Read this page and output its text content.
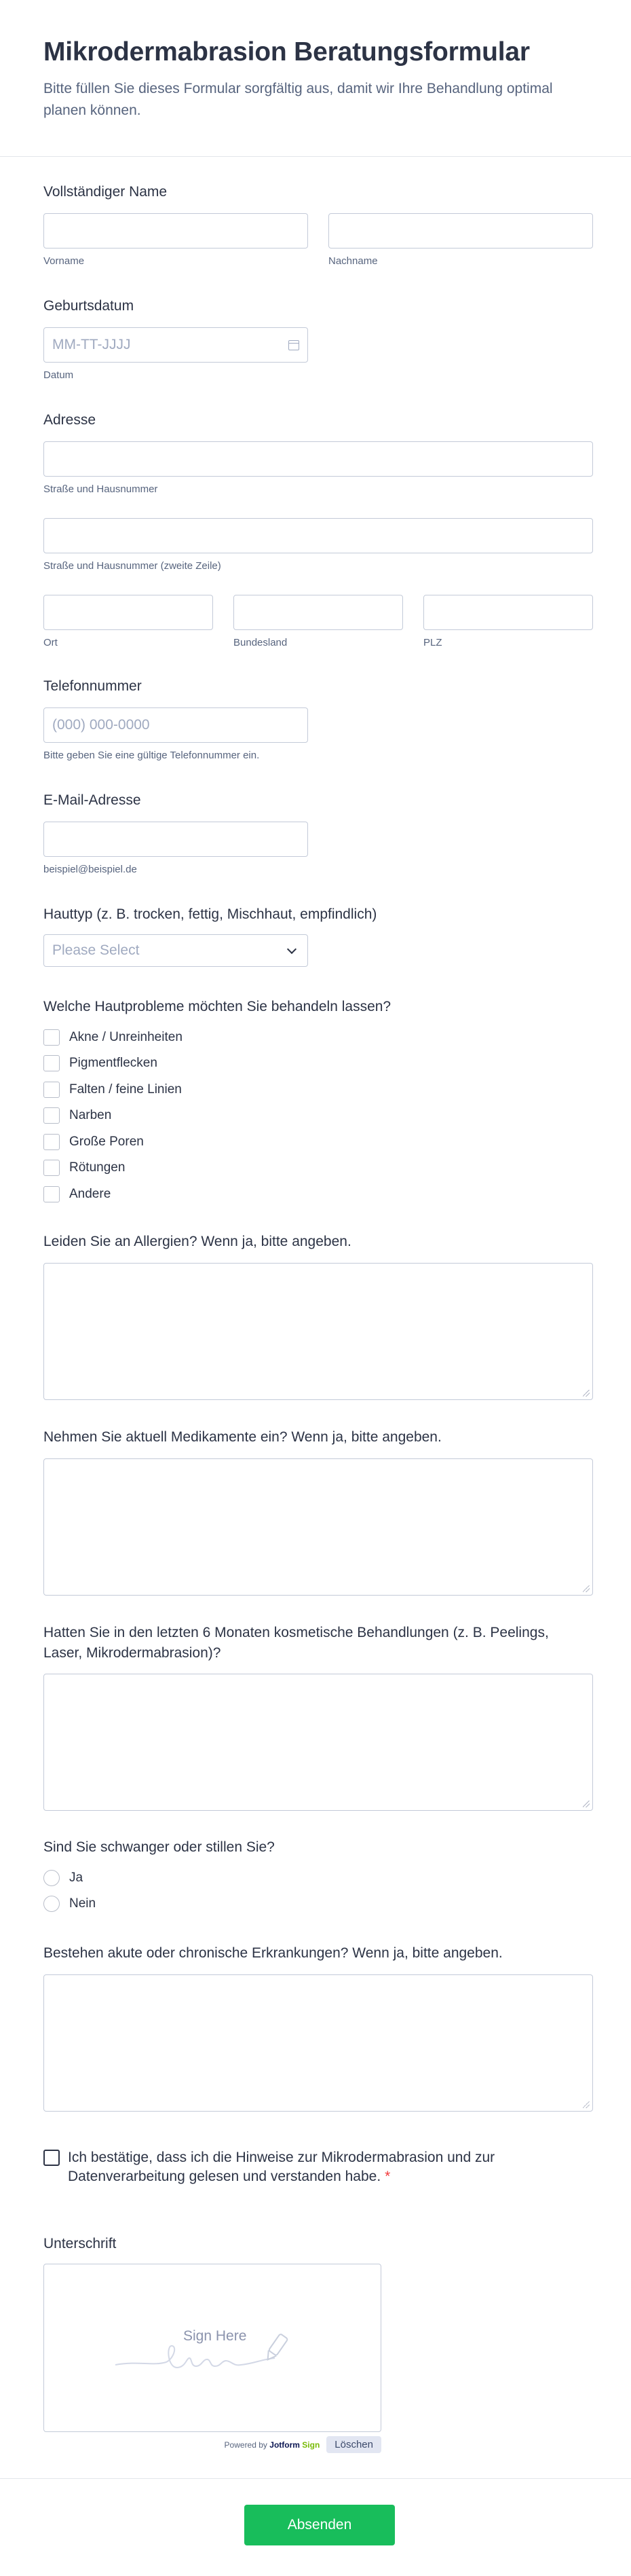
Mikrodermabrasion Beratungsformular

Bitte füllen Sie dieses Formular sorgfältig aus, damit wir Ihre Behandlung optimal planen können.

Vollständiger Name
Vorname	Nachname
Geburtsdatum
MM-TT-JJJJ
Datum
Adresse
Straße und Hausnummer
Straße und Hausnummer (zweite Zeile)
Ort	Bundesland	PLZ
Telefonnummer
(000) 000-0000
Bitte geben Sie eine gültige Telefonnummer ein.
E-Mail-Adresse
beispiel@beispiel.de
Hauttyp (z. B. trocken, fettig, Mischhaut, empfindlich)
Please Select
Welche Hautprobleme möchten Sie behandeln lassen?
Akne / Unreinheiten
Pigmentflecken
Falten / feine Linien
Narben
Große Poren
Rötungen
Andere
Leiden Sie an Allergien? Wenn ja, bitte angeben.
Nehmen Sie aktuell Medikamente ein? Wenn ja, bitte angeben.
Hatten Sie in den letzten 6 Monaten kosmetische Behandlungen (z. B. Peelings, Laser, Mikrodermabrasion)?
Sind Sie schwanger oder stillen Sie?
Ja
Nein
Bestehen akute oder chronische Erkrankungen? Wenn ja, bitte angeben.
Ich bestätige, dass ich die Hinweise zur Mikrodermabrasion und zur Datenverarbeitung gelesen und verstanden habe. *
Unterschrift
Sign Here
Powered by Jotform Sign	Löschen
Absenden
